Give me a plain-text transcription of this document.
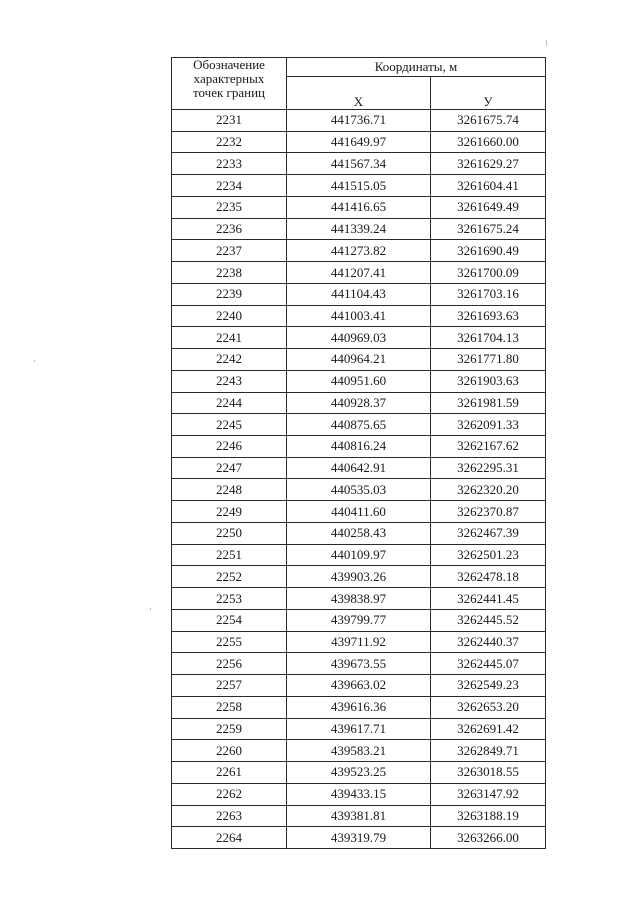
Обозначение
характерных
точек границ	Координаты, м	
	X	У
2231	441736.71	3261675.74
2232	441649.97	3261660.00
2233	441567.34	3261629.27
2234	441515.05	3261604.41
2235	441416.65	3261649.49
2236	441339.24	3261675.24
2237	441273.82	3261690.49
2238	441207.41	3261700.09
2239	441104.43	3261703.16
2240	441003.41	3261693.63
2241	440969.03	3261704.13
2242	440964.21	3261771.80
2243	440951.60	3261903.63
2244	440928.37	3261981.59
2245	440875.65	3262091.33
2246	440816.24	3262167.62
2247	440642.91	3262295.31
2248	440535.03	3262320.20
2249	440411.60	3262370.87
2250	440258.43	3262467.39
2251	440109.97	3262501.23
2252	439903.26	3262478.18
2253	439838.97	3262441.45
2254	439799.77	3262445.52
2255	439711.92	3262440.37
2256	439673.55	3262445.07
2257	439663.02	3262549.23
2258	439616.36	3262653.20
2259	439617.71	3262691.42
2260	439583.21	3262849.71
2261	439523.25	3263018.55
2262	439433.15	3263147.92
2263	439381.81	3263188.19
2264	439319.79	3263266.00
